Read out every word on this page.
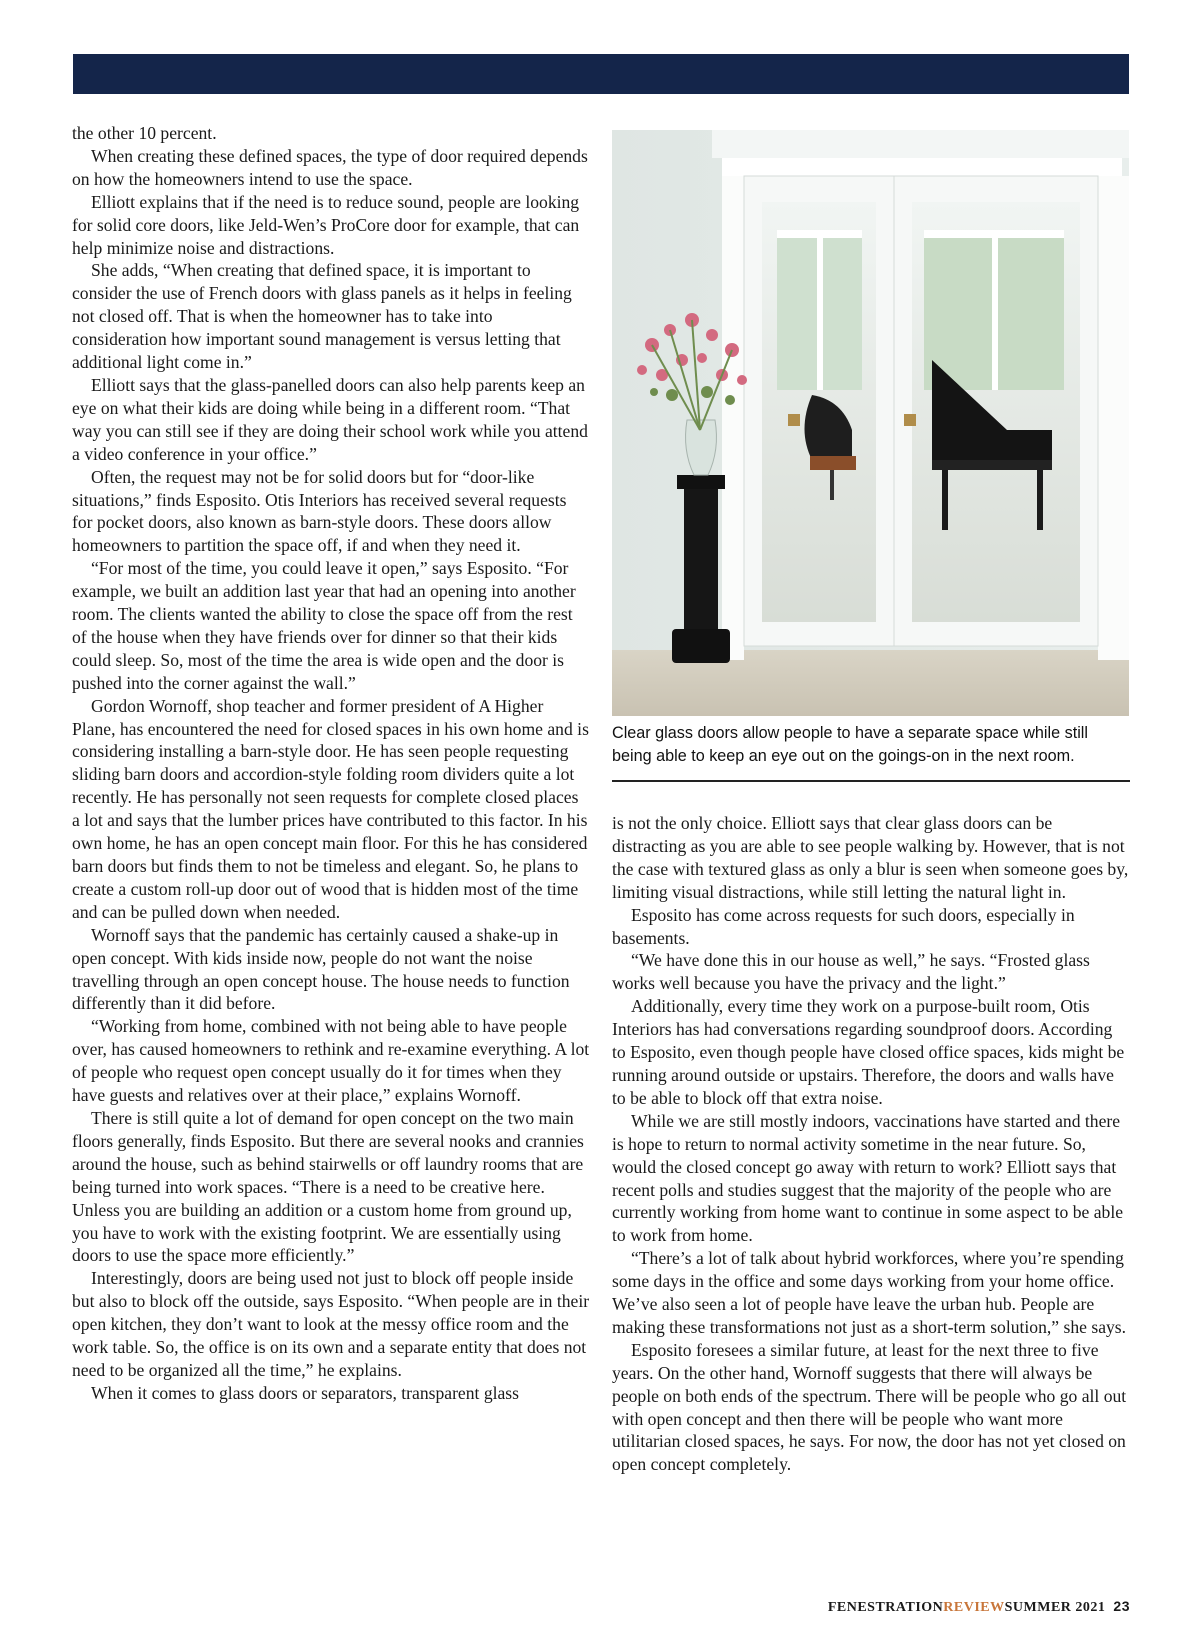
the other 10 percent.

When creating these defined spaces, the type of door required depends on how the homeowners intend to use the space.

Elliott explains that if the need is to reduce sound, people are looking for solid core doors, like Jeld-Wen’s ProCore door for example, that can help minimize noise and distractions.

She adds, “When creating that defined space, it is important to consider the use of French doors with glass panels as it helps in feeling not closed off. That is when the homeowner has to take into consideration how important sound management is versus letting that additional light come in.”

Elliott says that the glass-panelled doors can also help parents keep an eye on what their kids are doing while being in a different room. “That way you can still see if they are doing their school work while you attend a video conference in your office.”

Often, the request may not be for solid doors but for “door-like situations,” finds Esposito. Otis Interiors has received several requests for pocket doors, also known as barn-style doors. These doors allow homeowners to partition the space off, if and when they need it.

“For most of the time, you could leave it open,” says Esposito. “For example, we built an addition last year that had an opening into another room. The clients wanted the ability to close the space off from the rest of the house when they have friends over for dinner so that their kids could sleep. So, most of the time the area is wide open and the door is pushed into the corner against the wall.”

Gordon Wornoff, shop teacher and former president of A Higher Plane, has encountered the need for closed spaces in his own home and is considering installing a barn-style door. He has seen people requesting sliding barn doors and accordion-style folding room dividers quite a lot recently. He has personally not seen requests for complete closed places a lot and says that the lumber prices have contributed to this factor. In his own home, he has an open concept main floor. For this he has considered barn doors but finds them to not be timeless and elegant. So, he plans to create a custom roll-up door out of wood that is hidden most of the time and can be pulled down when needed.

Wornoff says that the pandemic has certainly caused a shake-up in open concept. With kids inside now, people do not want the noise travelling through an open concept house. The house needs to function differently than it did before.

“Working from home, combined with not being able to have people over, has caused homeowners to rethink and re-examine everything. A lot of people who request open concept usually do it for times when they have guests and relatives over at their place,” explains Wornoff.

There is still quite a lot of demand for open concept on the two main floors generally, finds Esposito. But there are several nooks and crannies around the house, such as behind stairwells or off laundry rooms that are being turned into work spaces. “There is a need to be creative here. Unless you are building an addition or a custom home from ground up, you have to work with the existing footprint. We are essentially using doors to use the space more efficiently.”

Interestingly, doors are being used not just to block off people inside but also to block off the outside, says Esposito. “When people are in their open kitchen, they don’t want to look at the messy office room and the work table. So, the office is on its own and a separate entity that does not need to be organized all the time,” he explains.

When it comes to glass doors or separators, transparent glass

Clear glass doors allow people to have a separate space while still being able to keep an eye out on the goings-on in the next room.

is not the only choice. Elliott says that clear glass doors can be distracting as you are able to see people walking by. However, that is not the case with textured glass as only a blur is seen when someone goes by, limiting visual distractions, while still letting the natural light in.

Esposito has come across requests for such doors, especially in basements.

“We have done this in our house as well,” he says. “Frosted glass works well because you have the privacy and the light.”

Additionally, every time they work on a purpose-built room, Otis Interiors has had conversations regarding soundproof doors. According to Esposito, even though people have closed office spaces, kids might be running around outside or upstairs. Therefore, the doors and walls have to be able to block off that extra noise.

While we are still mostly indoors, vaccinations have started and there is hope to return to normal activity sometime in the near future. So, would the closed concept go away with return to work? Elliott says that recent polls and studies suggest that the majority of the people who are currently working from home want to continue in some aspect to be able to work from home.

“There’s a lot of talk about hybrid workforces, where you’re spending some days in the office and some days working from your home office. We’ve also seen a lot of people have leave the urban hub. People are making these transformations not just as a short-term solution,” she says.

Esposito foresees a similar future, at least for the next three to five years. On the other hand, Wornoff suggests that there will always be people on both ends of the spectrum. There will be people who go all out with open concept and then there will be people who want more utilitarian closed spaces, he says. For now, the door has not yet closed on open concept completely.

FENESTRATIONREVIEWSUMMER 2021 23
